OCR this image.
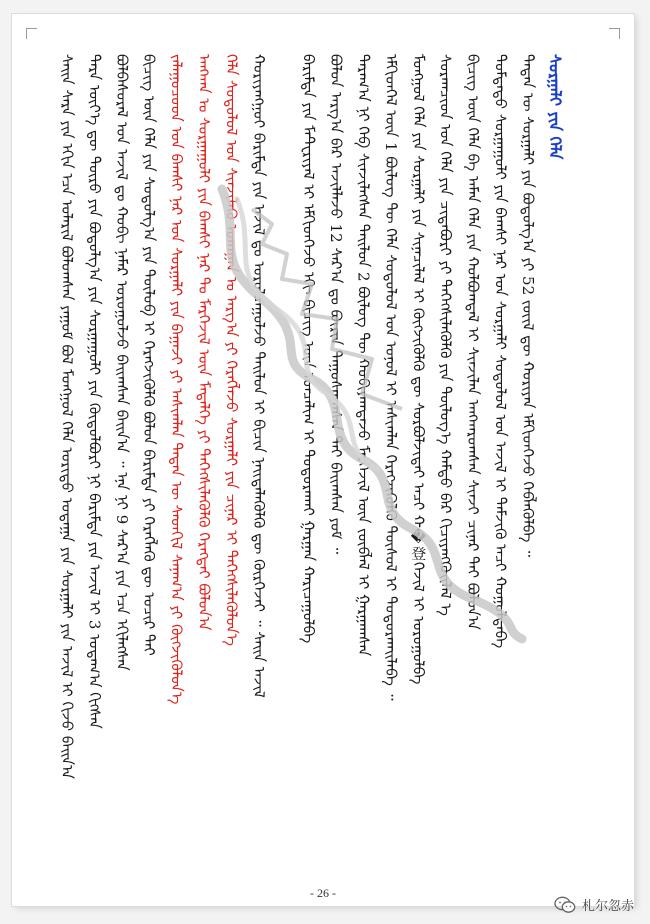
ᠰᠠᠢᠨ ᠰᠠᠷᠠ ᠶᠢᠨ ᠡᠬᠢᠨ ᠡᠴᠡ ᠤᠯᠠᠷᠢᠯ ᠪᠤᠯᠤᠭᠰᠠᠨ ᠶᠠᠭᠤᠮ ᠪᠣᠯ ᠮᠣᠩᠭᠣᠯ ᠬᠡᠯᠡ ᠤᠷᠢᠳᠤ ᠤᠳᠠᠭᠠ ᠶᠢᠨ ᠰᠤᠷᠭᠠᠯᠢ ᠶᠢᠨ ᠠᠵᠢᠯ ᠢ ᠬᠢᠵᠦ ᠪᠠᠢᠨ᠎ᠠ ᠲᠡᠷᠡ ᠦᠶ᠎ᠡ ᠳᠦ ᠲᠥᠷᠥ ᠶᠢᠨ ᠪᠣᠳᠣᠯᠭ᠎ᠠ ᠶᠢᠨ ᠰᠤᠷᠭᠠᠭᠤᠯᠢ ᠶᠢᠨ ᠬᠥᠲᠥᠯᠪᠦᠷᠢ ᠨᠢ ᠪᠠᠷᠢᠮᠲᠠ ᠶᠢᠨ ᠠᠵᠢᠯ ᠢ 3 ᠤᠳᠠᠭ᠎ᠠ ᠬᠢᠭᠰᠡᠨ ᠪᠣᠯᠪᠠᠰᠤᠷᠠᠯ ᠤᠨ ᠠᠵᠢᠯ ᠳᠤ ᠬᠤᠪᠢ ᠨᠡᠮᠡᠷ ᠣᠷᠣᠭᠤᠯᠵᠤ ᠪᠠᠢᠭᠰᠠᠨ ᠪᠠᠢᠨ᠎ᠠ ᠃ ᠡᠨᠡ ᠨᠢ 9 ᠰᠠᠷ᠎ᠠ ᠶᠢᠨ ᠡᠴᠡ ᠡᠬᠢᠯᠡᠭᠰᠡᠨ ᠪᠢᠴᠢᠭ ᠦᠨ ᠬᠡᠯᠡ ᠶᠢᠨ ᠰᠤᠳᠤᠯᠭ᠎ᠠ ᠶᠢᠨ ᠲᠥᠯᠥᠪ ᠢ ᠬᠡᠷᠡᠭᠵᠢᠭᠦᠯᠬᠦ ᠪᠣᠯᠣᠨ ᠪᠠᠷᠢᠮᠲᠠ ᠶᠢ ᠬᠡᠷᠡᠭᠯᠡᠬᠦ ᠳᠦ ᠤᠴᠢᠷ ᠲᠠᠢ ᠵᠠᠯᠠᠭᠤᠴᠤᠳ ᠤᠨ ᠪᠠᠭᠰᠢ ᠨᠠᠷ ᠤᠨ ᠰᠤᠷᠭᠠᠯᠢ ᠶᠢᠨ ᠪᠠᠭᠠᠵᠢ ᠶᠢ ᠠᠰᠢᠭᠯᠠᠨ ᠲᠡᠳᠡᠨ ᠦ ᠰᠡᠳᠬᠢᠯ ᠰᠠᠨᠠᠭ᠎ᠠ ᠶᠢ ᠬᠥᠭᠵᠢᠭᠦᠯᠦᠨ᠎ᠡ ᠠᠩᠬᠠᠨ ᠤ ᠰᠤᠷᠭᠠᠭᠤᠯᠢ ᠶᠢᠨ ᠪᠠᠭᠰᠢ ᠨᠠᠷ ᠲᠤ ᠮᠡᠷᠭᠡᠵᠢᠯ ᠦᠨ ᠮᠡᠳᠡᠯᠭᠡ ᠶᠢ ᠳᠡᠭᠡᠭᠰᠢᠯᠡᠭᠦᠯᠬᠦ ᠬᠡᠷᠡᠭᠲᠡᠢ ᠪᠣᠯᠤᠨ᠎ᠠ ᠬᠡᠯᠡ ᠰᠤᠳᠤᠯᠤᠯ ᠤᠨ ᠰᠢᠨᠵᠢᠯᠡᠬᠦ ᠤᠬᠠᠭᠠᠨ ᠤ ᠠᠷᠭ᠎ᠠ ᠶᠢ ᠬᠡᠷᠡᠭᠯᠡᠵᠦ ᠰᠤᠷᠭᠠᠯᠢ ᠶᠢᠨ ᠴᠢᠨᠠᠷ ᠢ ᠳᠡᠭᠡᠭᠰᠢᠯᠡᠭᠦᠯᠦᠨ᠎ᠡ ᠬᠣᠷᠢᠶᠠᠩᠭᠤᠢ ᠪᠠᠷᠢᠮᠲᠠ ᠶᠢᠨ ᠠᠵᠢᠯ ᠳᠤ ᠣᠷᠣᠯᠴᠠᠭᠤᠯᠵᠤ ᠲᠠᠢᠯᠤᠨ ᠢ ᠪᠢᠴᠢᠨ ᠨᠡᠢᠲᠡᠯᠡᠭᠦᠯᠬᠦ ᠳᠦ ᠬᠦᠷᠭᠡᠵᠡᠢ ᠃ ᠰᠠᠢᠨ ᠠᠵᠢᠯ ᠪᠠᠷᠢᠮᠲᠠ ᠶᠢᠨ ᠮᠠᠲᠧᠷᠢᠶᠠᠯ ᠢ ᠡᠮᠬᠢᠳᠭᠡᠵᠦ ᠡᠬᠢ ᠪᠢᠴᠢᠭ ᠦᠨ ᠣᠨᠴᠠᠯᠢᠭ ᠢ ᠲᠣᠳᠣᠷᠠᠬᠠᠢ ᠭᠠᠷᠭᠠᠨ ᠬᠠᠷᠢᠴᠠᠭᠤᠯᠪᠠ ᠪᠣᠯᠤᠨ ᠠᠷᠭ᠎ᠠ ᠪᠠᠷ ᠠᠵᠢᠯᠯᠠᠵᠤ 12 ᠰᠠᠷ᠎ᠠ ᠳᠤ ᠪᠦᠷᠢᠨ ᠳᠠᠭᠤᠰᠬᠠᠭᠰᠠᠨ ᠲᠠᠢ ᠪᠠᠢᠭᠰᠠᠨ ᠶᠤᠮ ᠃ ᠳᠠᠷᠠᠭ᠎ᠠ ᠨᠢ ᠬᠡᠪ ᠰᠢᠨᠵᠢᠯᠡᠭᠰᠡᠨ ᠲᠠᠢᠯᠤᠨ 2 ᠪᠦᠯᠦᠭ ᠲᠦ ᠬᠤᠪᠢᠶᠠᠭᠳᠠᠵᠤ ᠮᠡᠷᠭᠡᠵᠢᠯ ᠦᠨ ᠵᠥᠪᠯᠡᠯ ᠢ ᠭᠠᠷᠭᠠᠭᠰᠠᠨ ᠡᠮᠬᠢᠳᠬᠡᠯ ᠦᠨ 1 ᠪᠦᠯᠦᠭ ᠲᠦ ᠬᠡᠯᠡ ᠰᠤᠳᠤᠯᠤᠯ ᠤᠨ ᠣᠨᠣᠯ ᠢ ᠠᠰᠢᠭᠯᠠᠨ ᠬᠡᠷᠡᠭᠵᠢᠭᠦᠯᠬᠦ ᠲᠥᠰᠦᠯ ᠢ ᠲᠣᠳᠣᠷᠬᠠᠢᠯᠠᠪᠠ ᠃ ᠮᠣᠩᠭᠣᠯ ᠬᠡᠯᠡ ᠶᠢᠨ ᠰᠤᠷᠭᠠᠯᠢ ᠶᠢᠨ ᠰᠢᠨᠡᠴᠢᠯᠡᠯ ᠢ ᠬᠥᠭᠵᠢᠭᠦᠯᠬᠦ ᠳᠦ ᠰᠤᠷᠪᠤᠯᠵᠢᠲᠠᠢ ᠠᠴᠢ ᠬ�登ᠭᠡᠵᠢᠯ ᠢ ᠣᠷᠣᠭᠤᠯᠪᠠ ᠰᠤᠷᠠᠭᠴᠢᠳ ᠤᠨ ᠬᠡᠯᠡ ᠶᠢᠨ ᠴᠢᠳᠠᠪᠤᠷᠢ ᠶᠢ ᠳᠡᠭᠡᠭᠰᠢᠯᠡᠭᠦᠯᠬᠦ ᠶᠢᠨ ᠲᠥᠯᠥᠭ᠎ᠡ ᠬᠠᠮᠲᠤ ᠪᠡᠷ ᠬᠢᠴᠢᠶᠡᠩᠭᠦᠢᠯᠡᠯ ᠡ ᠪᠢᠴᠢᠭ ᠦᠨ ᠬᠡᠯᠡ ᠪᠠ ᠠᠮᠠᠨ ᠬᠡᠯᠡ ᠶᠢᠨ ᠬᠣᠯᠪᠣᠭᠳᠠᠯ ᠢ ᠰᠢᠨᠵᠢᠯᠡᠨ ᠠᠩᠬᠠᠷᠤᠭᠰᠠᠨ ᠰᠢᠨᠵᠢ ᠴᠢᠨᠠᠷ ᠲᠠᠢ ᠪᠣᠯᠤᠨ᠎ᠠ ᠳᠤᠮᠳᠠᠳᠤ ᠰᠤᠷᠭᠠᠭᠤᠯᠢ ᠶᠢᠨ ᠪᠠᠭᠰᠢ ᠨᠠᠷ ᠤᠨ ᠰᠤᠷᠭᠠᠯᠢ ᠰᠤᠳᠤᠯᠤᠯ ᠤᠨ ᠠᠵᠢᠯ ᠢ ᠳᠡᠮᠵᠢᠬᠦ ᠠᠴᠢ ᠬᠤᠭᠤᠯᠳᠠᠪᠠ ᠲᠡᠳᠡᠨ ᠦ ᠰᠤᠷᠭᠠᠯᠢ ᠶᠢᠨ ᠪᠣᠳᠣᠯᠭ᠎ᠠ ᠶᠢ 52 ᠵᠦᠢᠯ ᠳᠦ ᠬᠤᠷᠢᠶᠠᠨ ᠡᠮᠬᠢᠳᠬᠡᠵᠦ ᠬᠡᠪᠯᠡᠭᠦᠯᠪᠡ ᠃ ᠰᠤᠷᠭᠠᠯᠢ ᠶᠢᠨ ᠬᠡᠯᠡ
- 26 -
札尔忽赤
